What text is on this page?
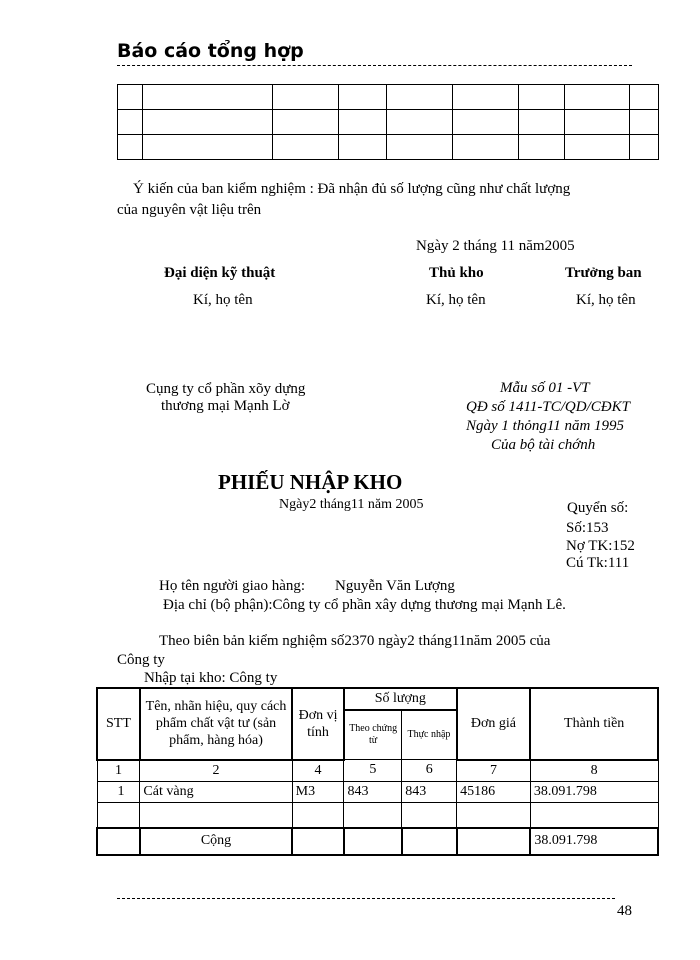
Báo cáo tổng hợp

Ý kiến của ban kiểm nghiệm : Đã nhận đủ số lượng cũng như chất lượng
của nguyên vật liệu trên
Ngày 2 tháng 11 năm2005
Đại diện kỹ thuật	Thủ kho	Trưởng ban
Kí, họ tên	Kí, họ tên	Kí, họ tên
Cụng ty cổ phần xõy dựng
thương mại Mạnh Lờ
Mẫu số 01 -VT
QĐ số 1411-TC/QD/CĐKT
Ngày 1 thỏng11 năm 1995
Của bộ tài chớnh
PHIẾU NHẬP KHO
Ngày2 tháng11 năm 2005	Quyển số:
Số:153
Nợ TK:152
Cú Tk:111
Họ tên người giao hàng: Nguyễn Văn Lượng
Địa chỉ (bộ phận):Công ty cổ phần xây dựng thương mại Mạnh Lê.
Theo biên bản kiểm nghiệm số2370 ngày2 tháng11năm 2005 của
Công ty
Nhập tại kho: Công ty
STT	Tên, nhãn hiệu, quy cách phẩm chất vật tư (sản phẩm, hàng hóa)	Đơn vị tính	Số lượng		Đơn giá	Thành tiền
			Theo chứng từ	Thực nhập		
1	2	4	5	6	7	8
1	Cát vàng	M3	843	843	45186	38.091.798

	Cộng					38.091.798
48
